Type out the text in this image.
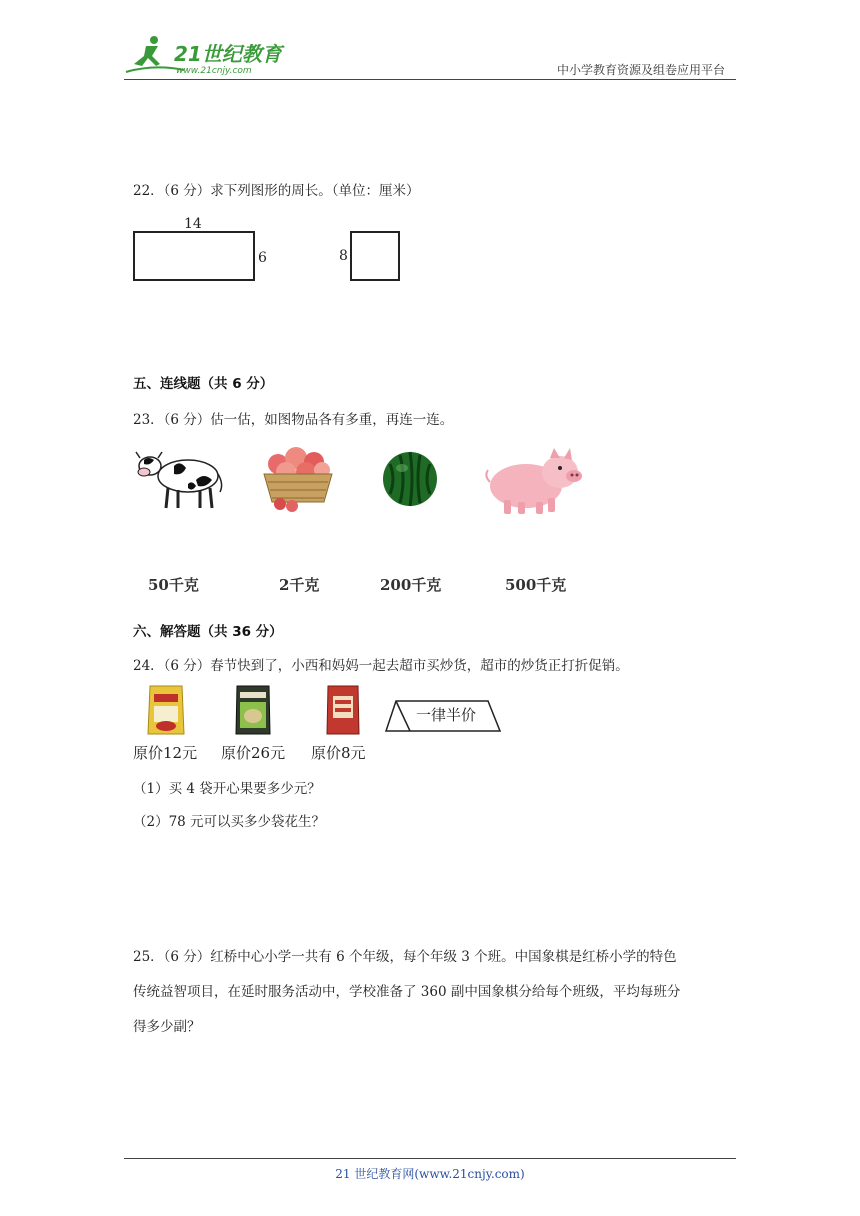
21世纪教育
www.21cnjy.com	中小学教育资源及组卷应用平台
22．（6 分）求下列图形的周长。（单位：厘米）
14
6	8
五、连线题（共 6 分）
23．（6 分）估一估，如图物品各有多重，再连一连。
50千克	2千克	200千克	500千克
六、解答题（共 36 分）
24．（6 分）春节快到了，小西和妈妈一起去超市买炒货，超市的炒货正打折促销。
一律半价
原价12元 原价26元 原价8元
（1）买 4 袋开心果要多少元？
（2）78 元可以买多少袋花生？
25．（6 分）红桥中心小学一共有 6 个年级，每个年级 3 个班。中国象棋是红桥小学的特色
传统益智项目，在延时服务活动中，学校准备了 360 副中国象棋分给每个班级，平均每班分
得多少副？
21 世纪教育网(www.21cnjy.com)
